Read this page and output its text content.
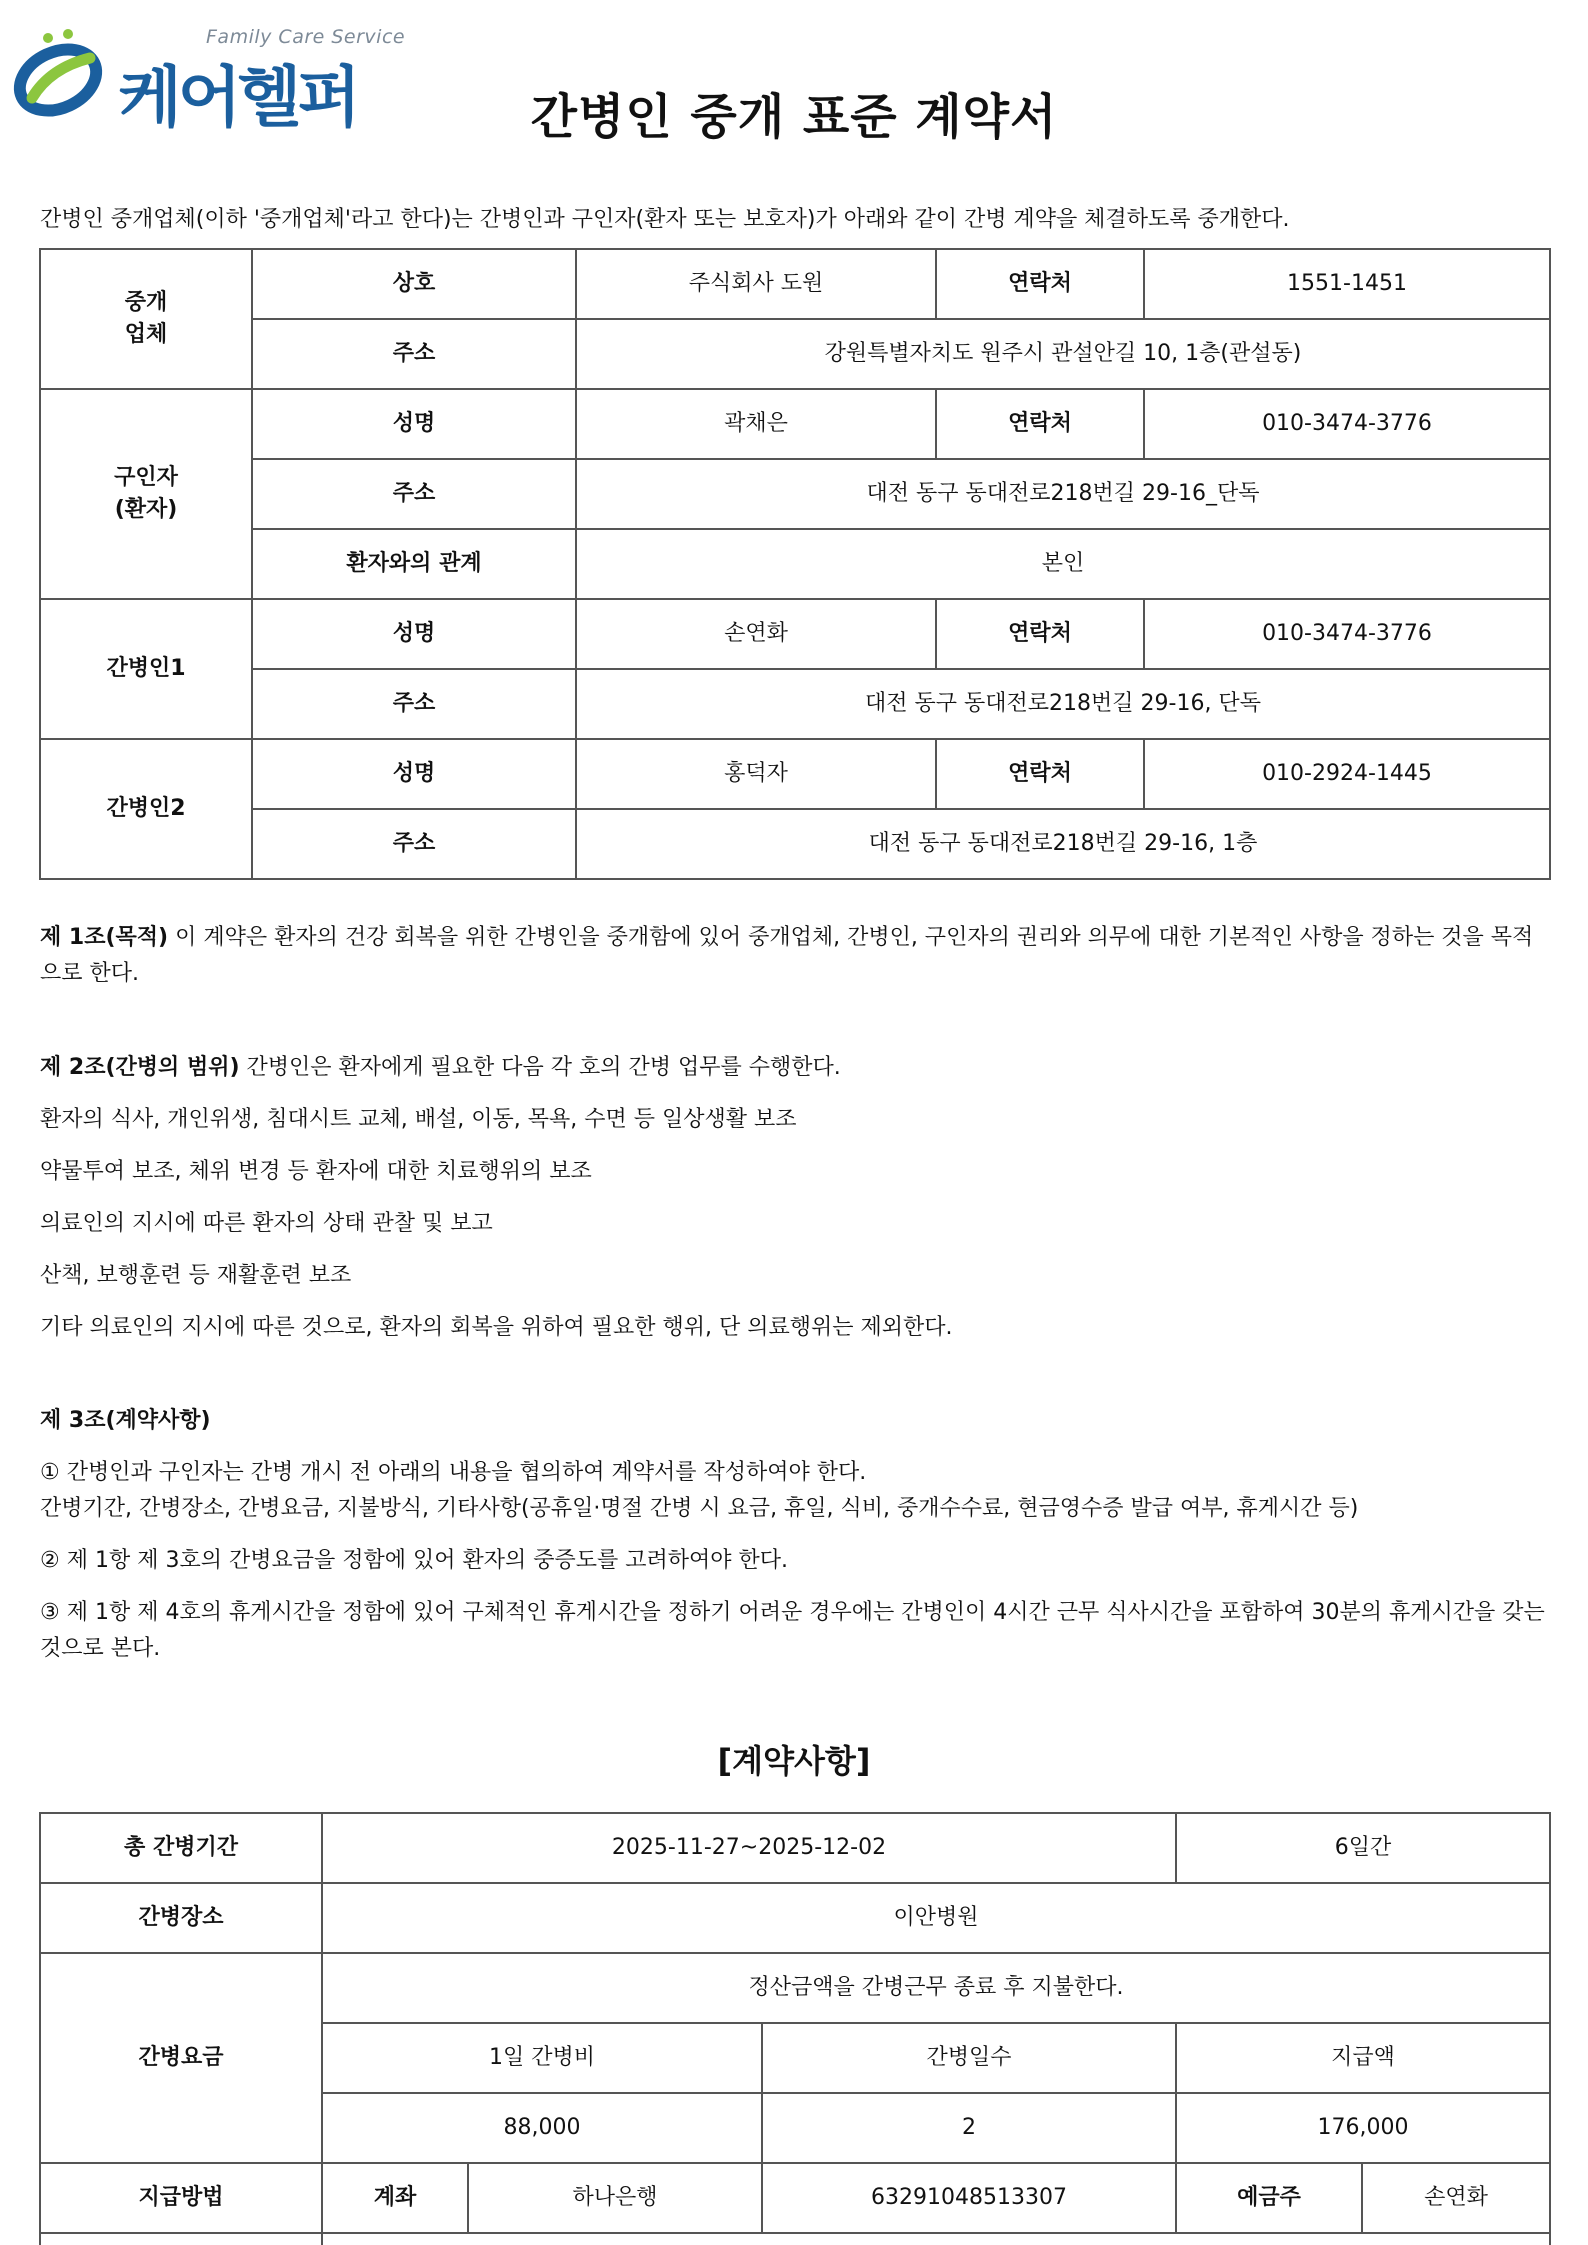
Family Care Service
케어헬퍼	간병인 중개 표준 계약서
간병인 중개업체(이하 '중개업체'라고 한다)는 간병인과 구인자(환자 또는 보호자)가 아래와 같이 간병 계약을 체결하도록 중개한다.
중개
업체	상호	주식회사 도원	연락처	1551-1451
	주소	강원특별자치도 원주시 관설안길 10, 1층(관설동)		
구인자
(환자)	성명	곽채은	연락처	010-3474-3776
	주소	대전 동구 동대전로218번길 29-16_단독		
	환자와의 관계	본인		
간병인1	성명	손연화	연락처	010-3474-3776
	주소	대전 동구 동대전로218번길 29-16, 단독		
간병인2	성명	홍덕자	연락처	010-2924-1445
	주소	대전 동구 동대전로218번길 29-16, 1층		
제 1조(목적) 이 계약은 환자의 건강 회복을 위한 간병인을 중개함에 있어 중개업체, 간병인, 구인자의 권리와 의무에 대한 기본적인 사항을 정하는 것을 목적으로 한다.
제 2조(간병의 범위) 간병인은 환자에게 필요한 다음 각 호의 간병 업무를 수행한다.
환자의 식사, 개인위생, 침대시트 교체, 배설, 이동, 목욕, 수면 등 일상생활 보조
약물투여 보조, 체위 변경 등 환자에 대한 치료행위의 보조
의료인의 지시에 따른 환자의 상태 관찰 및 보고
산책, 보행훈련 등 재활훈련 보조
기타 의료인의 지시에 따른 것으로, 환자의 회복을 위하여 필요한 행위, 단 의료행위는 제외한다.
제 3조(계약사항)
① 간병인과 구인자는 간병 개시 전 아래의 내용을 협의하여 계약서를 작성하여야 한다.
간병기간, 간병장소, 간병요금, 지불방식, 기타사항(공휴일·명절 간병 시 요금, 휴일, 식비, 중개수수료, 현금영수증 발급 여부, 휴게시간 등)
② 제 1항 제 3호의 간병요금을 정함에 있어 환자의 중증도를 고려하여야 한다.
③ 제 1항 제 4호의 휴게시간을 정함에 있어 구체적인 휴게시간을 정하기 어려운 경우에는 간병인이 4시간 근무 식사시간을 포함하여 30분의 휴게시간을 갖는 것으로 본다.
[계약사항]
총 간병기간	2025-11-27~2025-12-02			6일간	
간병장소	이안병원				
간병요금	정산금액을 간병근무 종료 후 지불한다.				
	1일 간병비		간병일수	지급액	
	88,000		2	176,000	
지급방법	계좌	하나은행	63291048513307	예금주	손연화
